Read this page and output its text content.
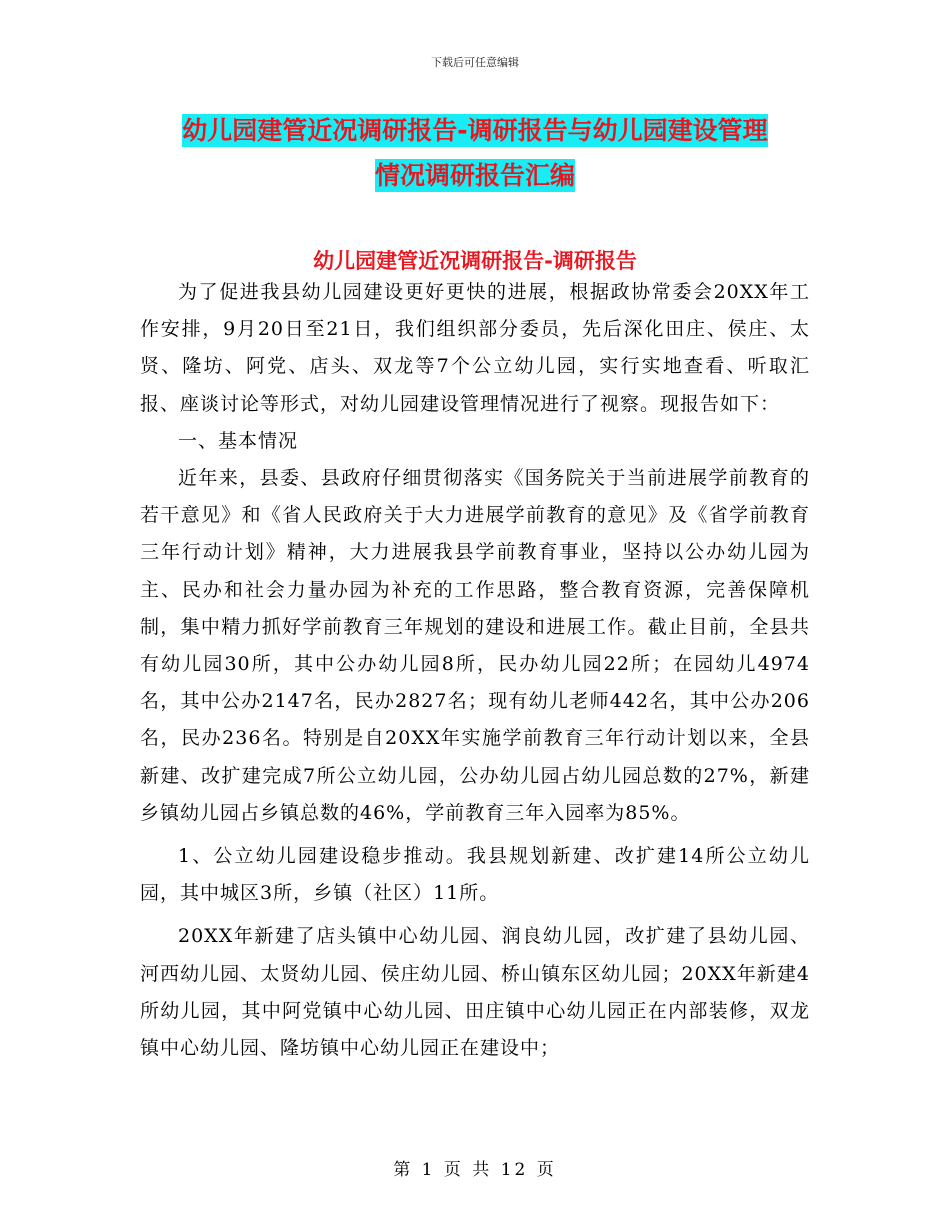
下载后可任意编辑
幼儿园建管近况调研报告-调研报告与幼儿园建设管理
情况调研报告汇编
幼儿园建管近况调研报告-调研报告

为了促进我县幼儿园建设更好更快的进展，根据政协常委会20XX年工作安排，9月20日至21日，我们组织部分委员，先后深化田庄、侯庄、太贤、隆坊、阿党、店头、双龙等7个公立幼儿园，实行实地查看、听取汇报、座谈讨论等形式，对幼儿园建设管理情况进行了视察。现报告如下：

一、基本情况

近年来，县委、县政府仔细贯彻落实《国务院关于当前进展学前教育的若干意见》和《省人民政府关于大力进展学前教育的意见》及《省学前教育三年行动计划》精神，大力进展我县学前教育事业，坚持以公办幼儿园为主、民办和社会力量办园为补充的工作思路，整合教育资源，完善保障机制，集中精力抓好学前教育三年规划的建设和进展工作。截止目前，全县共有幼儿园30所，其中公办幼儿园8所，民办幼儿园22所；在园幼儿4974名，其中公办2147名，民办2827名；现有幼儿老师442名，其中公办206名，民办236名。特别是自20XX年实施学前教育三年行动计划以来，全县新建、改扩建完成7所公立幼儿园，公办幼儿园占幼儿园总数的27%，新建乡镇幼儿园占乡镇总数的46%，学前教育三年入园率为85%。

1、公立幼儿园建设稳步推动。我县规划新建、改扩建14所公立幼儿园，其中城区3所，乡镇（社区）11所。

20XX年新建了店头镇中心幼儿园、润良幼儿园，改扩建了县幼儿园、河西幼儿园、太贤幼儿园、侯庄幼儿园、桥山镇东区幼儿园；20XX年新建4所幼儿园，其中阿党镇中心幼儿园、田庄镇中心幼儿园正在内部装修，双龙镇中心幼儿园、隆坊镇中心幼儿园正在建设中；

第 1 页 共 12 页
